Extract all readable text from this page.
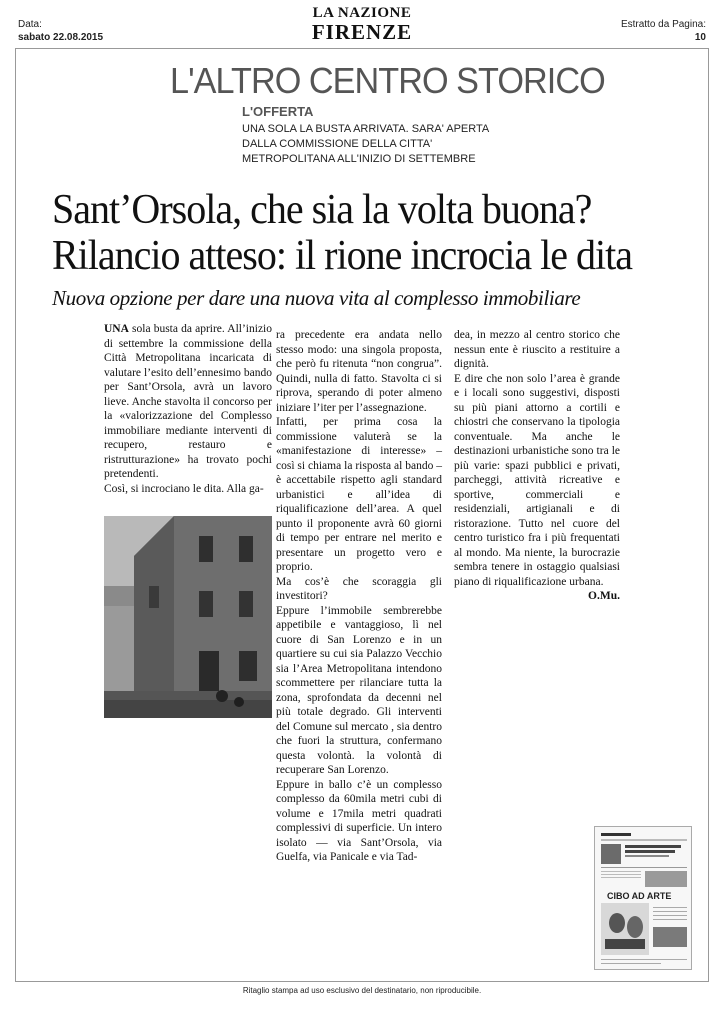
Data:
sabato 22.08.2015
LA NAZIONE
FIRENZE	Estratto da Pagina:
10
L'ALTRO CENTRO STORICO
L'OFFERTA
UNA SOLA LA BUSTA ARRIVATA. SARA' APERTA
DALLA COMMISSIONE DELLA CITTA'
METROPOLITANA ALL'INIZIO DI SETTEMBRE
Sant’Orsola, che sia la volta buona?
Rilancio atteso: il rione incrocia le dita
Nuova opzione per dare una nuova vita al complesso immobiliare

UNA sola busta da aprire. All’inizio di settembre la commissione della Città Metropolitana incaricata di valutare l’esito dell’ennesimo bando per Sant’Orsola, avrà un lavoro lieve. Anche stavolta il concorso per la «valorizzazione del Complesso immobiliare mediante interventi di recupero, restauro e ristrutturazione» ha trovato pochi pretendenti.

Così, si incrociano le dita. Alla ga-

ra precedente era andata nello stesso modo: una singola proposta, che però fu ritenuta “non congrua”. Quindi, nulla di fatto. Stavolta ci si riprova, sperando di poter almeno iniziare l’iter per l’assegnazione.

Infatti, per prima cosa la commissione valuterà se la «manifestazione di interesse» – così si chiama la risposta al bando – è accettabile rispetto agli standard urbanistici e all’idea di riqualificazione dell’area. A quel punto il proponente avrà 60 giorni di tempo per entrare nel merito e presentare un progetto vero e proprio.

Ma cos’è che scoraggia gli investitori?

Eppure l’immobile sembrerebbe appetibile e vantaggioso, lì nel cuore di San Lorenzo e in un quartiere su cui sia Palazzo Vecchio sia l’Area Metropolitana intendono scommettere per rilanciare tutta la zona, sprofondata da decenni nel più totale degrado. Gli interventi del Comune sul mercato , sia dentro che fuori la struttura, confermano questa volontà. la volontà di recuperare San Lorenzo.

Eppure in ballo c’è un complesso complesso da 60mila metri cubi di volume e 17mila metri quadrati complessivi di superficie. Un intero isolato — via Sant’Orsola, via Guelfa, via Panicale e via Tad-

dea, in mezzo al centro storico che nessun ente è riuscito a restituire a dignità.

E dire che non solo l’area è grande e i locali sono suggestivi, disposti su più piani attorno a cortili e chiostri che conservano la tipologia conventuale. Ma anche le destinazioni urbanistiche sono tra le più varie: spazi pubblici e privati, parcheggi, attività ricreative e sportive, commerciali e residenziali, artigianali e di ristorazione. Tutto nel cuore del centro turistico fra i più frequentati al mondo. Ma niente, la burocrazie sembra tenere in ostaggio qualsiasi piano di riqualificazione urbana.

O.Mu.

CIBO AD ARTE
Ritaglio stampa ad uso esclusivo del destinatario, non riproducibile.
